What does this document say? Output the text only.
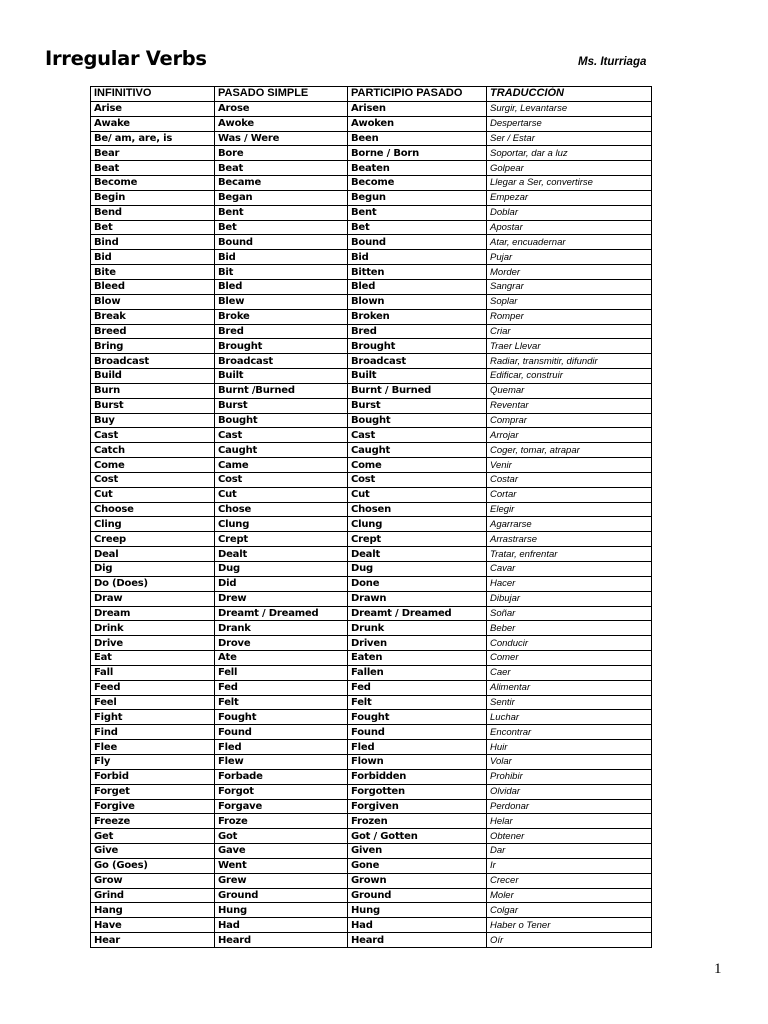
Irregular Verbs	Ms. Iturriaga
INFINITIVO	PASADO SIMPLE	PARTICIPIO PASADO	TRADUCCIÓN
Arise	Arose	Arisen	Surgir, Levantarse
Awake	Awoke	Awoken	Despertarse
Be/ am, are, is	Was / Were	Been	Ser / Estar
Bear	Bore	Borne / Born	Soportar, dar a luz
Beat	Beat	Beaten	Golpear
Become	Became	Become	Llegar a Ser, convertirse
Begin	Began	Begun	Empezar
Bend	Bent	Bent	Doblar
Bet	Bet	Bet	Apostar
Bind	Bound	Bound	Atar, encuadernar
Bid	Bid	Bid	Pujar
Bite	Bit	Bitten	Morder
Bleed	Bled	Bled	Sangrar
Blow	Blew	Blown	Soplar
Break	Broke	Broken	Romper
Breed	Bred	Bred	Criar
Bring	Brought	Brought	Traer Llevar
Broadcast	Broadcast	Broadcast	Radiar, transmitir, difundir
Build	Built	Built	Edificar, construir
Burn	Burnt /Burned	Burnt / Burned	Quemar
Burst	Burst	Burst	Reventar
Buy	Bought	Bought	Comprar
Cast	Cast	Cast	Arrojar
Catch	Caught	Caught	Coger, tomar, atrapar
Come	Came	Come	Venir
Cost	Cost	Cost	Costar
Cut	Cut	Cut	Cortar
Choose	Chose	Chosen	Elegir
Cling	Clung	Clung	Agarrarse
Creep	Crept	Crept	Arrastrarse
Deal	Dealt	Dealt	Tratar, enfrentar
Dig	Dug	Dug	Cavar
Do (Does)	Did	Done	Hacer
Draw	Drew	Drawn	Dibujar
Dream	Dreamt / Dreamed	Dreamt / Dreamed	Soñar
Drink	Drank	Drunk	Beber
Drive	Drove	Driven	Conducir
Eat	Ate	Eaten	Comer
Fall	Fell	Fallen	Caer
Feed	Fed	Fed	Alimentar
Feel	Felt	Felt	Sentir
Fight	Fought	Fought	Luchar
Find	Found	Found	Encontrar
Flee	Fled	Fled	Huir
Fly	Flew	Flown	Volar
Forbid	Forbade	Forbidden	Prohibir
Forget	Forgot	Forgotten	Olvidar
Forgive	Forgave	Forgiven	Perdonar
Freeze	Froze	Frozen	Helar
Get	Got	Got / Gotten	Obtener
Give	Gave	Given	Dar
Go (Goes)	Went	Gone	Ir
Grow	Grew	Grown	Crecer
Grind	Ground	Ground	Moler
Hang	Hung	Hung	Colgar
Have	Had	Had	Haber o Tener
Hear	Heard	Heard	Oír
1
